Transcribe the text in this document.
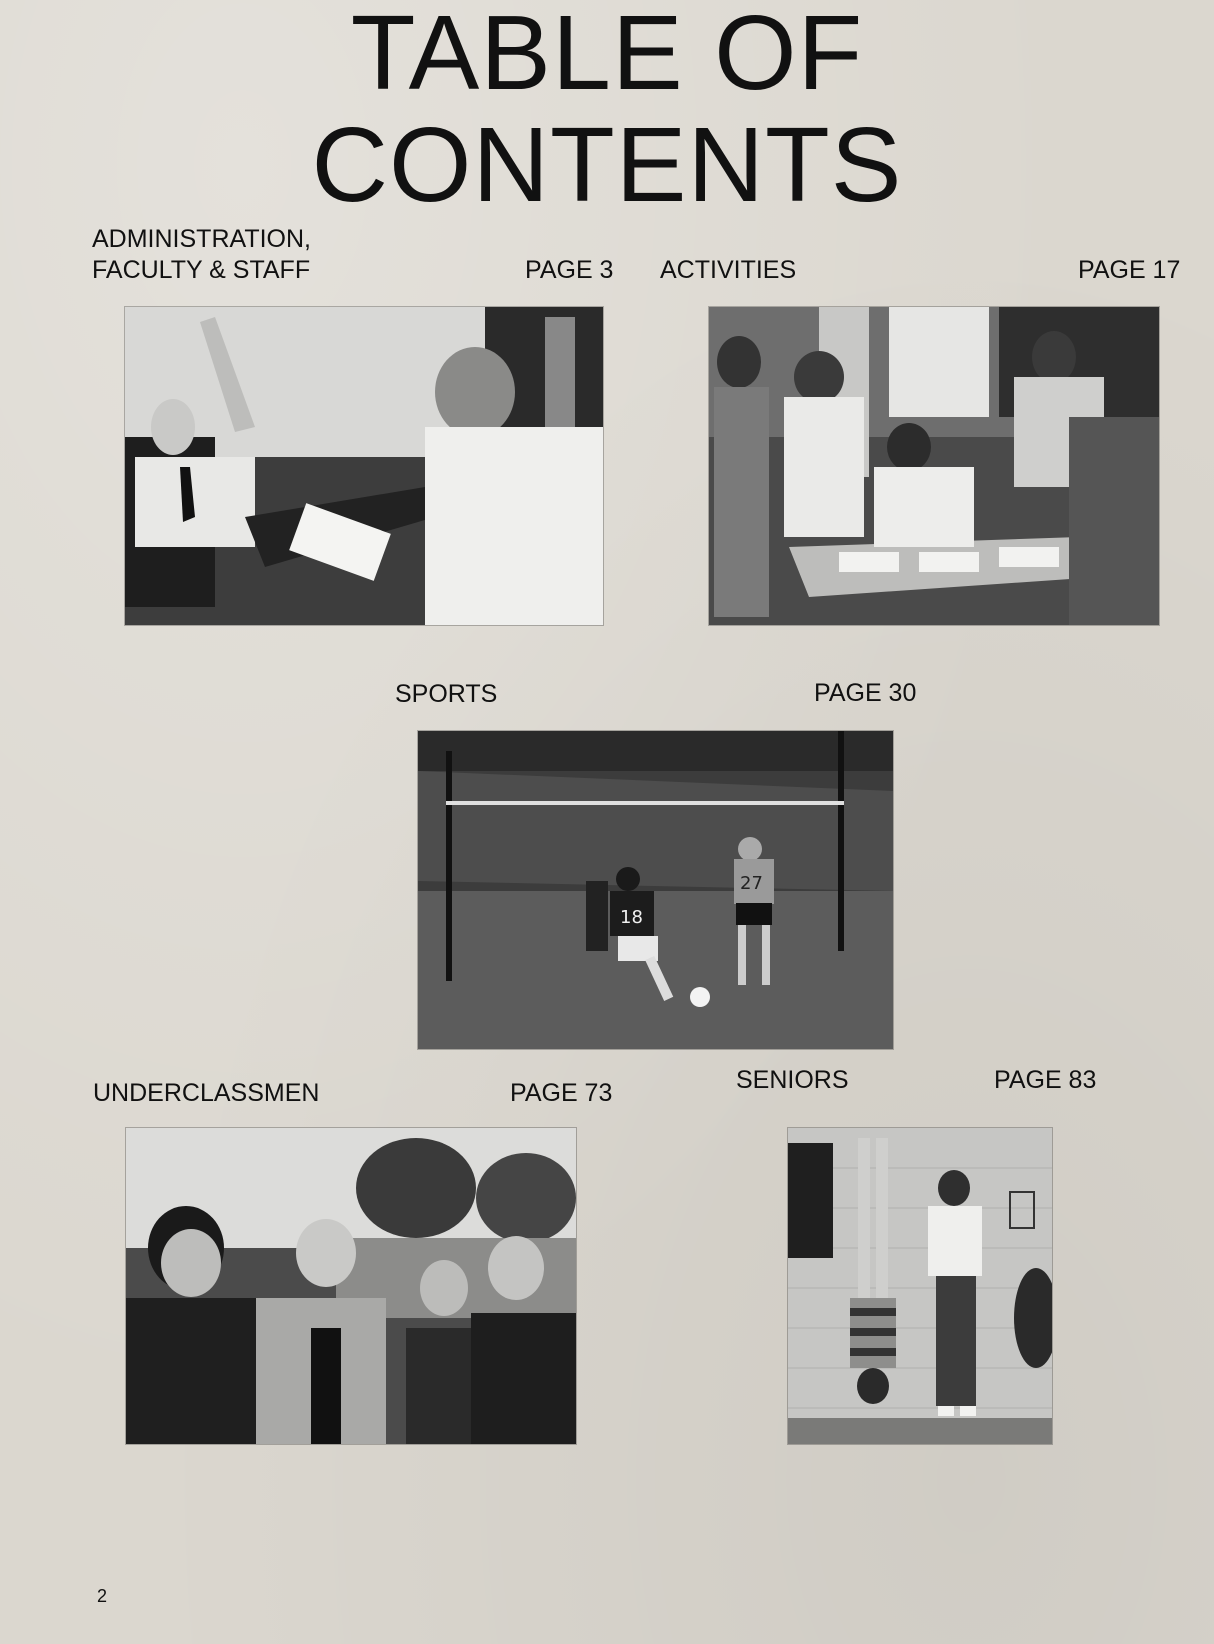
TABLE OF
CONTENTS
ADMINISTRATION,
FACULTY & STAFF	PAGE 3 ACTIVITIES	PAGE 17
SPORTS	PAGE 30
18
27
UNDERCLASSMEN	PAGE 73	SENIORS	PAGE 83
2
